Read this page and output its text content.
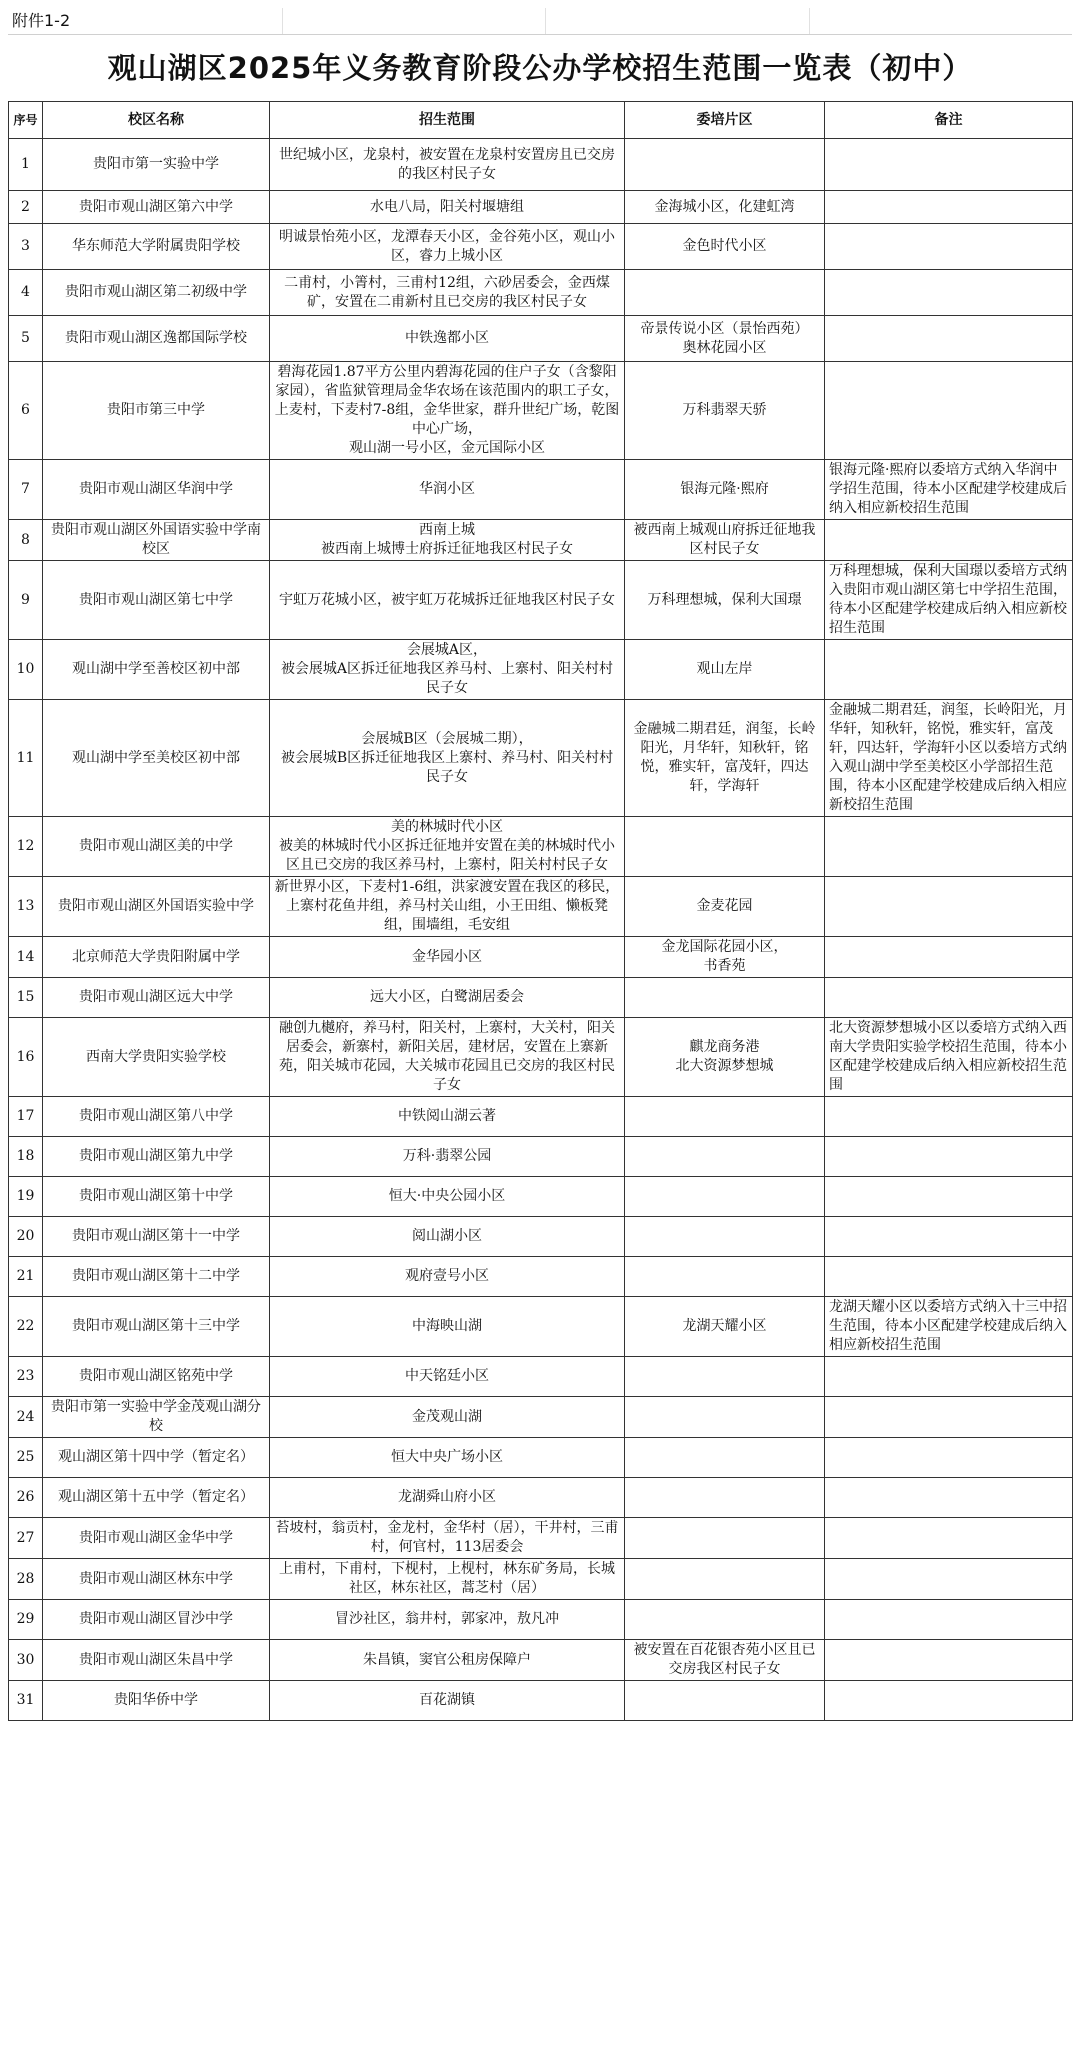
附件1-2
观山湖区2025年义务教育阶段公办学校招生范围一览表（初中）
序号	校区名称	招生范围	委培片区	备注
1	贵阳市第一实验中学	世纪城小区，龙泉村，被安置在龙泉村安置房且已交房的我区村民子女		

2	贵阳市观山湖区第六中学	水电八局，阳关村堰塘组	金海城小区，化建虹湾	

3	华东师范大学附属贵阳学校	明诚景怡苑小区，龙潭春天小区，金谷苑小区，观山小区，睿力上城小区	金色时代小区	

4	贵阳市观山湖区第二初级中学	二甫村，小箐村，三甫村12组，六砂居委会，金西煤矿，安置在二甫新村且已交房的我区村民子女		

5	贵阳市观山湖区逸都国际学校	中铁逸都小区	帝景传说小区（景怡西苑）
奥林花园小区	

6	贵阳市第三中学	碧海花园1.87平方公里内碧海花园的住户子女（含黎阳家园），省监狱管理局金华农场在该范围内的职工子女，上麦村，下麦村7-8组，金华世家，群升世纪广场，乾图中心广场，
观山湖一号小区，金元国际小区	万科翡翠天骄	

7	贵阳市观山湖区华润中学	华润小区	银海元隆·熙府	银海元隆·熙府以委培方式纳入华润中学招生范围，待本小区配建学校建成后纳入相应新校招生范围

8	贵阳市观山湖区外国语实验中学南校区	西南上城
被西南上城博士府拆迁征地我区村民子女	被西南上城观山府拆迁征地我区村民子女	

9	贵阳市观山湖区第七中学	宇虹万花城小区，被宇虹万花城拆迁征地我区村民子女	万科理想城，保利大国璟	万科理想城，保利大国璟以委培方式纳入贵阳市观山湖区第七中学招生范围，待本小区配建学校建成后纳入相应新校招生范围

10	观山湖中学至善校区初中部	会展城A区，
被会展城A区拆迁征地我区养马村、上寨村、阳关村村民子女	观山左岸	

11	观山湖中学至美校区初中部	会展城B区（会展城二期），
被会展城B区拆迁征地我区上寨村、养马村、阳关村村民子女	金融城二期君廷，润玺，长岭阳光，月华轩，知秋轩，铭悦，雅实轩，富茂轩，四达轩，学海轩	金融城二期君廷，润玺，长岭阳光，月华轩，知秋轩，铭悦，雅实轩，富茂轩，四达轩，学海轩小区以委培方式纳入观山湖中学至美校区小学部招生范围，待本小区配建学校建成后纳入相应新校招生范围

12	贵阳市观山湖区美的中学	美的林城时代小区
被美的林城时代小区拆迁征地并安置在美的林城时代小区且已交房的我区养马村，上寨村，阳关村村民子女		

13	贵阳市观山湖区外国语实验中学	新世界小区，下麦村1-6组，洪家渡安置在我区的移民，上寨村花鱼井组，养马村关山组，小王田组、懒板凳组，围墙组，毛安组	金麦花园	

14	北京师范大学贵阳附属中学	金华园小区	金龙国际花园小区，
书香苑	

15	贵阳市观山湖区远大中学	远大小区，白鹭湖居委会		

16	西南大学贵阳实验学校	融创九樾府，养马村，阳关村，上寨村，大关村，阳关居委会，新寨村，新阳关居，建材居，安置在上寨新苑，阳关城市花园，大关城市花园且已交房的我区村民子女	麒龙商务港
北大资源梦想城	北大资源梦想城小区以委培方式纳入西南大学贵阳实验学校招生范围，待本小区配建学校建成后纳入相应新校招生范围

17	贵阳市观山湖区第八中学	中铁阅山湖云著		

18	贵阳市观山湖区第九中学	万科·翡翠公园		

19	贵阳市观山湖区第十中学	恒大·中央公园小区		

20	贵阳市观山湖区第十一中学	阅山湖小区		

21	贵阳市观山湖区第十二中学	观府壹号小区		

22	贵阳市观山湖区第十三中学	中海映山湖	龙湖天耀小区	龙湖天耀小区以委培方式纳入十三中招生范围，待本小区配建学校建成后纳入相应新校招生范围

23	贵阳市观山湖区铭苑中学	中天铭廷小区		

24	贵阳市第一实验中学金茂观山湖分校	金茂观山湖		

25	观山湖区第十四中学（暂定名）	恒大中央广场小区		

26	观山湖区第十五中学（暂定名）	龙湖舜山府小区		

27	贵阳市观山湖区金华中学	苔坡村，翁贡村，金龙村，金华村（居），干井村，三甫村，何官村，113居委会		

28	贵阳市观山湖区林东中学	上甫村，下甫村，下枧村，上枧村，林东矿务局，长城社区，林东社区，蒿芝村（居）		

29	贵阳市观山湖区冒沙中学	冒沙社区，翁井村，郭家冲，敖凡冲		

30	贵阳市观山湖区朱昌中学	朱昌镇，窦官公租房保障户	被安置在百花银杏苑小区且已交房我区村民子女	

31	贵阳华侨中学	百花湖镇		
